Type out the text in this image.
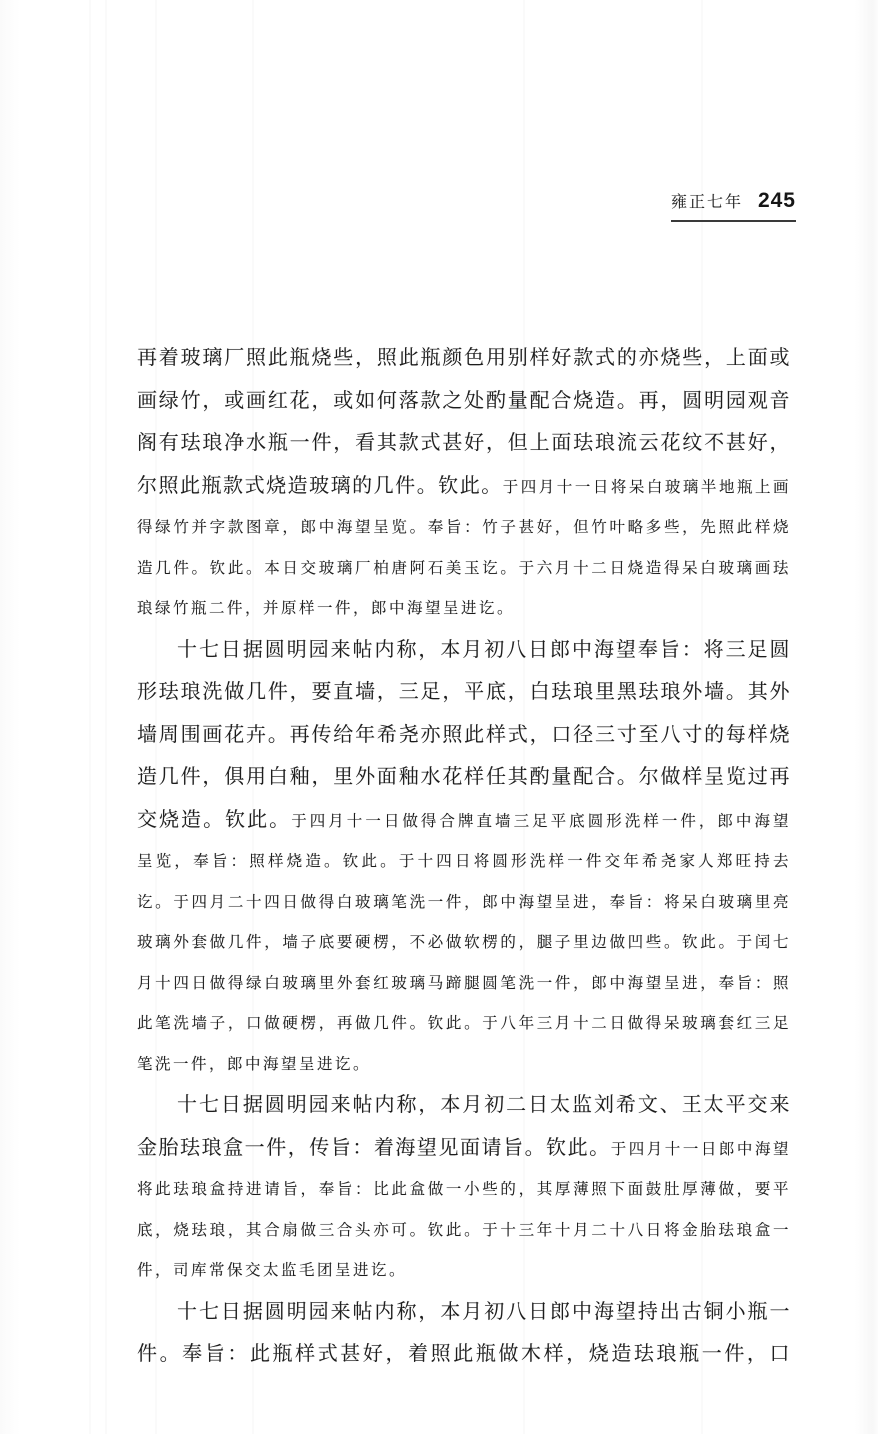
雍正七年 245

再着玻璃厂照此瓶烧些，照此瓶颜色用别样好款式的亦烧些，上面或画绿竹，或画红花，或如何落款之处酌量配合烧造。再，圆明园观音阁有珐琅净水瓶一件，看其款式甚好，但上面珐琅流云花纹不甚好，尔照此瓶款式烧造玻璃的几件。钦此。于四月十一日将呆白玻璃半地瓶上画得绿竹并字款图章，郎中海望呈览。奉旨：竹子甚好，但竹叶略多些，先照此样烧造几件。钦此。本日交玻璃厂柏唐阿石美玉讫。于六月十二日烧造得呆白玻璃画珐琅绿竹瓶二件，并原样一件，郎中海望呈进讫。

十七日据圆明园来帖内称，本月初八日郎中海望奉旨：将三足圆形珐琅洗做几件，要直墙，三足，平底，白珐琅里黑珐琅外墙。其外墙周围画花卉。再传给年希尧亦照此样式，口径三寸至八寸的每样烧造几件，俱用白釉，里外面釉水花样任其酌量配合。尔做样呈览过再交烧造。钦此。于四月十一日做得合牌直墙三足平底圆形洗样一件，郎中海望呈览，奉旨：照样烧造。钦此。于十四日将圆形洗样一件交年希尧家人郑旺持去讫。于四月二十四日做得白玻璃笔洗一件，郎中海望呈进，奉旨：将呆白玻璃里亮玻璃外套做几件，墙子底要硬楞，不必做软楞的，腿子里边做凹些。钦此。于闰七月十四日做得绿白玻璃里外套红玻璃马蹄腿圆笔洗一件，郎中海望呈进，奉旨：照此笔洗墙子，口做硬楞，再做几件。钦此。于八年三月十二日做得呆玻璃套红三足笔洗一件，郎中海望呈进讫。

十七日据圆明园来帖内称，本月初二日太监刘希文、王太平交来金胎珐琅盒一件，传旨：着海望见面请旨。钦此。于四月十一日郎中海望将此珐琅盒持进请旨，奉旨：比此盒做一小些的，其厚薄照下面鼓肚厚薄做，要平底，烧珐琅，其合扇做三合头亦可。钦此。于十三年十月二十八日将金胎珐琅盒一件，司库常保交太监毛团呈进讫。

十七日据圆明园来帖内称，本月初八日郎中海望持出古铜小瓶一件。奉旨：此瓶样式甚好，着照此瓶做木样，烧造珐琅瓶一件，口
